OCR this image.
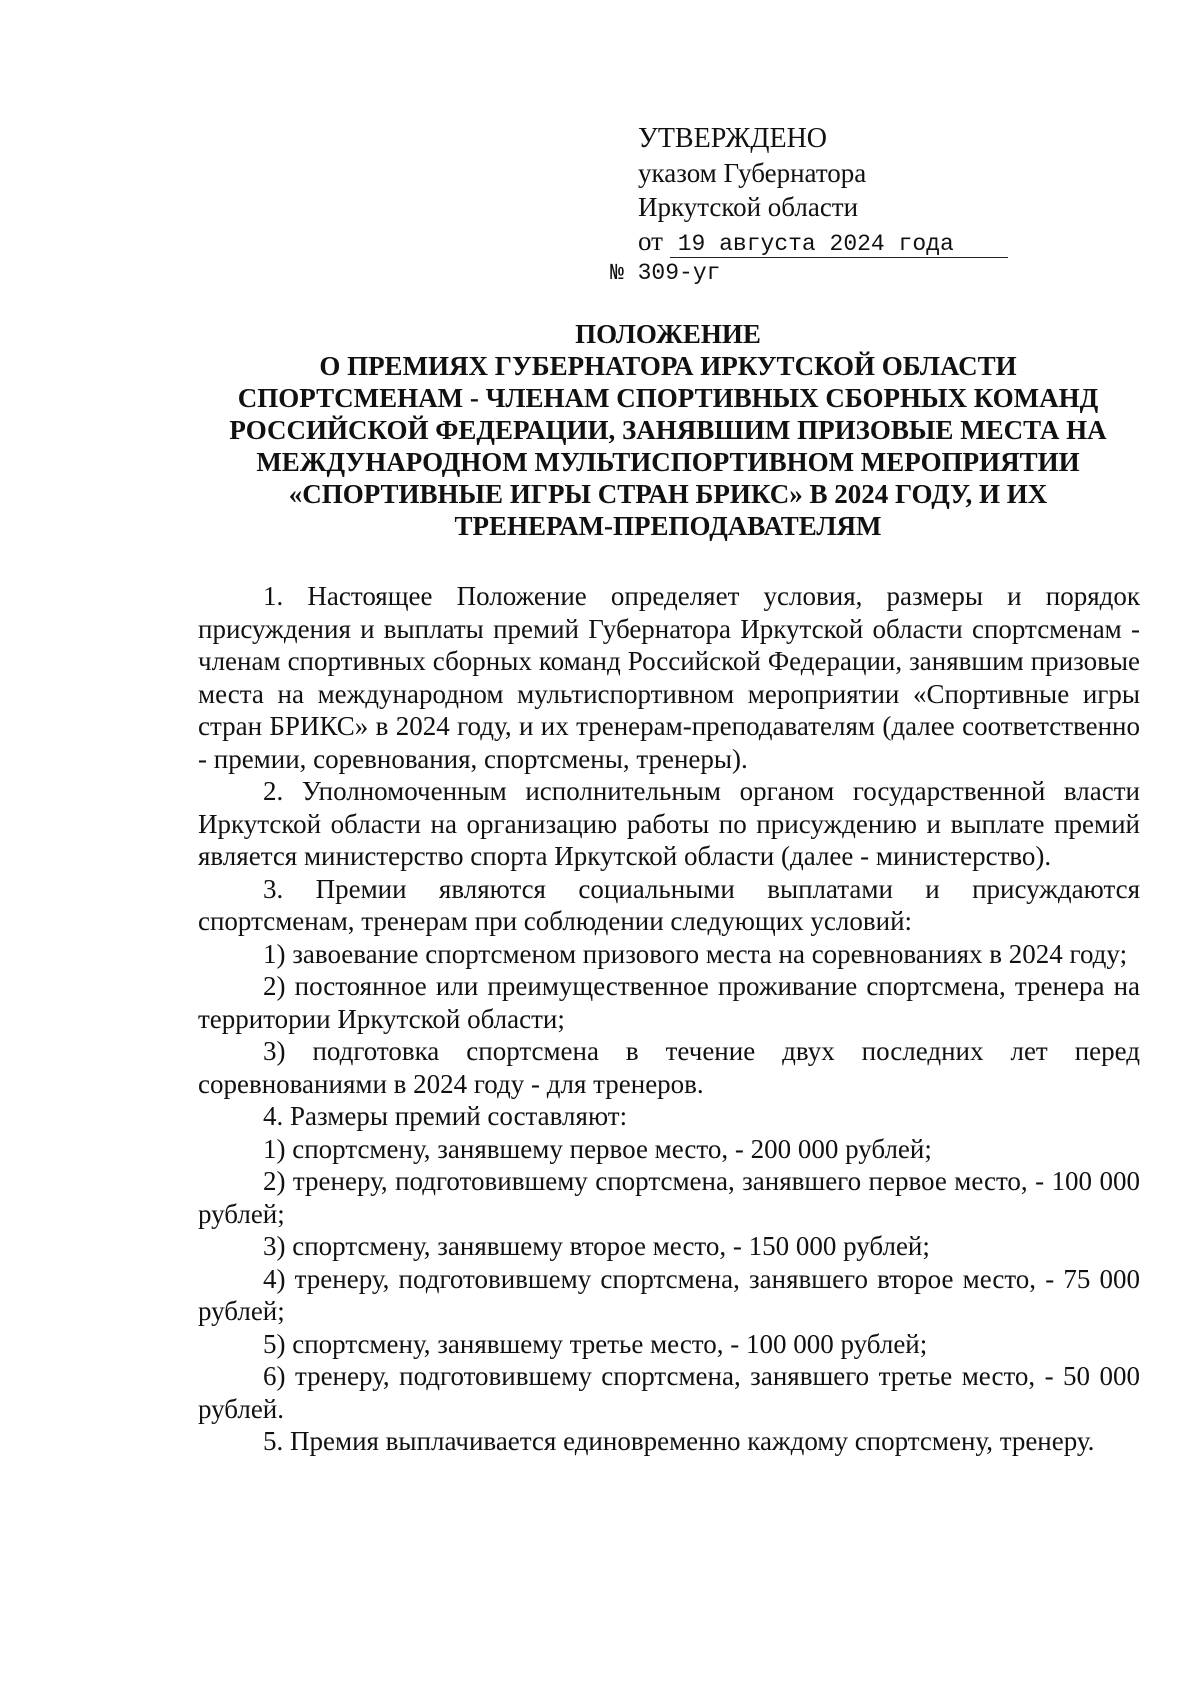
УТВЕРЖДЕНО
указом Губернатора
Иркутской области
от 19 августа 2024 года
№ 309-уг
ПОЛОЖЕНИЕ
О ПРЕМИЯХ ГУБЕРНАТОРА ИРКУТСКОЙ ОБЛАСТИ
СПОРТСМЕНАМ - ЧЛЕНАМ СПОРТИВНЫХ СБОРНЫХ КОМАНД
РОССИЙСКОЙ ФЕДЕРАЦИИ, ЗАНЯВШИМ ПРИЗОВЫЕ МЕСТА НА
МЕЖДУНАРОДНОМ МУЛЬТИСПОРТИВНОМ МЕРОПРИЯТИИ
«СПОРТИВНЫЕ ИГРЫ СТРАН БРИКС» В 2024 ГОДУ, И ИХ
ТРЕНЕРАМ-ПРЕПОДАВАТЕЛЯМ

1. Настоящее Положение определяет условия, размеры и порядок присуждения и выплаты премий Губернатора Иркутской области спортсменам - членам спортивных сборных команд Российской Федерации, занявшим призовые места на международном мультиспортивном мероприятии «Спортивные игры стран БРИКС» в 2024 году, и их тренерам-преподавателям (далее соответственно - премии, соревнования, спортсмены, тренеры).

2. Уполномоченным исполнительным органом государственной власти Иркутской области на организацию работы по присуждению и выплате премий является министерство спорта Иркутской области (далее - министерство).

3. Премии являются социальными выплатами и присуждаются спортсменам, тренерам при соблюдении следующих условий:

1) завоевание спортсменом призового места на соревнованиях в 2024 году;

2) постоянное или преимущественное проживание спортсмена, тренера на территории Иркутской области;

3) подготовка спортсмена в течение двух последних лет перед соревнованиями в 2024 году - для тренеров.

4. Размеры премий составляют:

1) спортсмену, занявшему первое место, - 200 000 рублей;

2) тренеру, подготовившему спортсмена, занявшего первое место, - 100 000 рублей;

3) спортсмену, занявшему второе место, - 150 000 рублей;

4) тренеру, подготовившему спортсмена, занявшего второе место, - 75 000 рублей;

5) спортсмену, занявшему третье место, - 100 000 рублей;

6) тренеру, подготовившему спортсмена, занявшего третье место, - 50 000 рублей.

5. Премия выплачивается единовременно каждому спортсмену, тренеру.
